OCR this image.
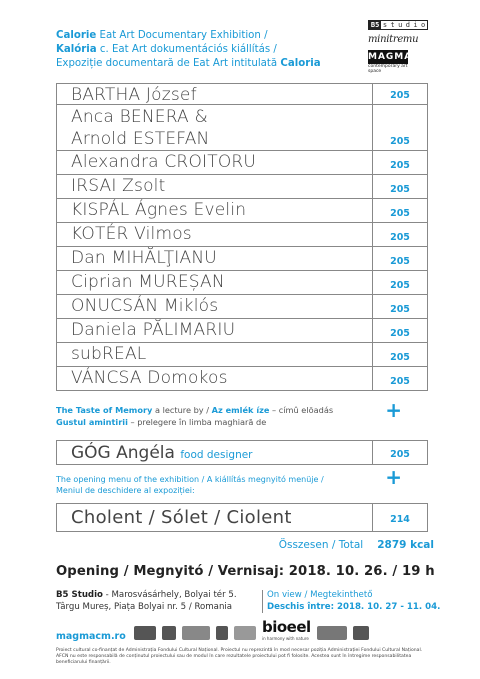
Calorie Eat Art Documentary Exhibition /
Kalória c. Eat Art dokumentációs kiállítás /
Expoziție documentară de Eat Art intitulată Caloria
B5 s t u d i o
minitremu
MAGMA
contemporary art space
BARTHA József	205
Anca BENERA &
Arnold ESTEFAN	205
Alexandra CROITORU	205
IRSAI Zsolt	205
KISPÁL Ágnes Evelin	205
KOTÉR Vilmos	205
Dan MIHĂLŢIANU	205
Ciprian MUREȘAN	205
ONUCSÁN Miklós	205
Daniela PĂLIMARIU	205
subREAL	205
VÁNCSA Domokos	205
The Taste of Memory a lecture by / Az emlék íze – címû elõadás
Gustul amintirii – prelegere în limba maghiară de	+
GÓG Angéla food designer	205
The opening menu of the exhibition / A kiállítás megnyitó menüje /
Meniul de deschidere al expoziției:
+
Cholent / Sólet / Ciolent	214
Összesen / Total 2879 kcal
Opening / Megnyitó / Vernisaj: 2018. 10. 26. / 19 h
B5 Studio - Marosvásárhely, Bolyai tér 5.
Târgu Mureș, Piața Bolyai nr. 5 / Romania
On view / Megtekinthető
Deschis între: 2018. 10. 27 - 11. 04.
magmacm.ro
bioeel
in harmony with nature
Proiect cultural co-finanțat de Administrația Fondului Cultural Național. Proiectul nu reprezintă în mod necesar poziția Administrației Fondului Cultural Național. AFCN nu este responsabilă de conținutul proiectului sau de modul în care rezultatele proiectului pot fi folosite. Acestea sunt în întregime responsabilitatea beneficiarului finanțării.
